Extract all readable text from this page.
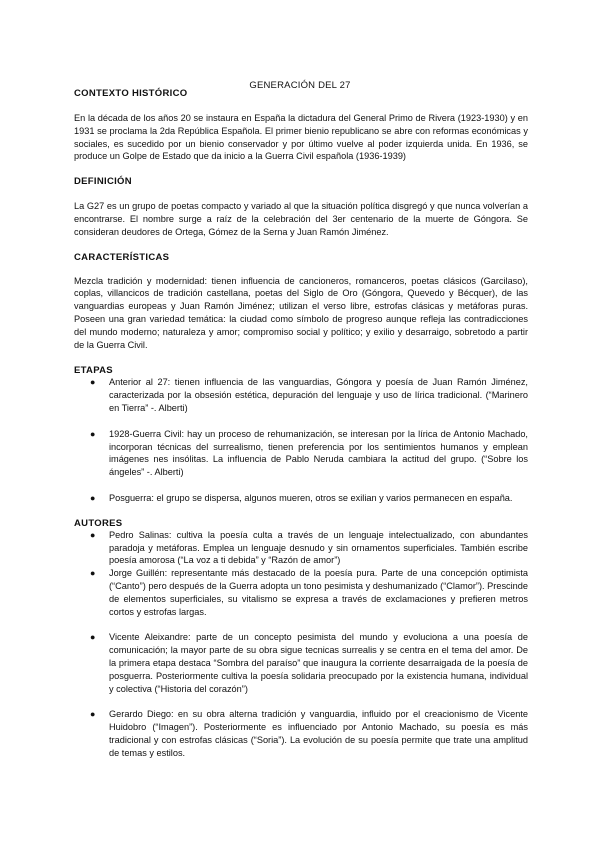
GENERACIÓN DEL 27
CONTEXTO HISTÓRICO

En la década de los años 20 se instaura en España la dictadura del General Primo de Rivera (1923-1930) y en 1931 se proclama la 2da República Española. El primer bienio republicano se abre con reformas económicas y sociales, es sucedido por un bienio conservador y por último vuelve al poder izquierda unida. En 1936, se produce un Golpe de Estado que da inicio a la Guerra Civil española (1936-1939)

DEFINICIÓN

La G27 es un grupo de poetas compacto y variado al que la situación política disgregó y que nunca volverían a encontrarse. El nombre surge a raíz de la celebración del 3er centenario de la muerte de Góngora. Se consideran deudores de Ortega, Gómez de la Serna y Juan Ramón Jiménez.

CARACTERÍSTICAS

Mezcla tradición y modernidad: tienen influencia de cancioneros, romanceros, poetas clásicos (Garcilaso), coplas, villancicos de tradición castellana, poetas del Siglo de Oro (Góngora, Quevedo y Bécquer), de las vanguardias europeas y Juan Ramón Jiménez; utilizan el verso libre, estrofas clásicas y metáforas puras. Poseen una gran variedad temática: la ciudad como símbolo de progreso aunque refleja las contradicciones del mundo moderno; naturaleza y amor; compromiso social y político; y exilio y desarraigo, sobretodo a partir de la Guerra Civil.

ETAPAS
● Anterior al 27: tienen influencia de las vanguardias, Góngora y poesía de Juan Ramón Jiménez, caracterizada por la obsesión estética, depuración del lenguaje y uso de lírica tradicional. (“Marinero en Tierra” -. Alberti)
● 1928-Guerra Civil: hay un proceso de rehumanización, se interesan por la lírica de Antonio Machado, incorporan técnicas del surrealismo, tienen preferencia por los sentimientos humanos y emplean imágenes nes insólitas. La influencia de Pablo Neruda cambiara la actitud del grupo. (“Sobre los ángeles” -. Alberti)
● Posguerra: el grupo se dispersa, algunos mueren, otros se exilian y varios permanecen en españa.
AUTORES
● Pedro Salinas: cultiva la poesía culta a través de un lenguaje intelectualizado, con abundantes paradoja y metáforas. Emplea un lenguaje desnudo y sin ornamentos superficiales. También escribe poesía amorosa (“La voz a ti debida” y “Razón de amor”)
● Jorge Guillén: representante más destacado de la poesía pura. Parte de una concepción optimista (“Canto”) pero después de la Guerra adopta un tono pesimista y deshumanizado (“Clamor”). Prescinde de elementos superficiales, su vitalismo se expresa a través de exclamaciones y prefieren metros cortos y estrofas largas.
● Vicente Aleixandre: parte de un concepto pesimista del mundo y evoluciona a una poesía de comunicación; la mayor parte de su obra sigue tecnicas surrealis y se centra en el tema del amor. De la primera etapa destaca “Sombra del paraíso” que inaugura la corriente desarraigada de la poesía de posguerra. Posteriormente cultiva la poesía solidaria preocupado por la existencia humana, individual y colectiva (“Historia del corazón”)
● Gerardo Diego: en su obra alterna tradición y vanguardia, influido por el creacionismo de Vicente Huidobro (“Imagen”). Posteriormente es influenciado por Antonio Machado, su poesía es más tradicional y con estrofas clásicas (“Soria”). La evolución de su poesía permite que trate una amplitud de temas y estilos.
